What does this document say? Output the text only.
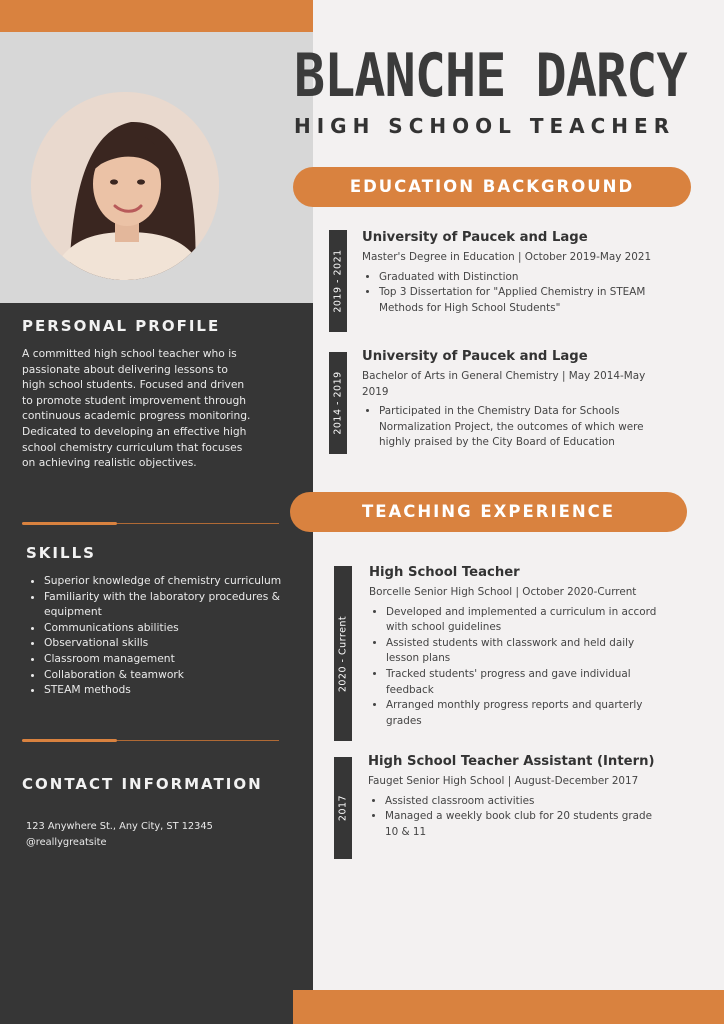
BLANCHE DARCY
HIGH SCHOOL TEACHER
PERSONAL PROFILE
A committed high school teacher who is passionate about delivering lessons to high school students. Focused and driven to promote student improvement through continuous academic progress monitoring. Dedicated to developing an effective high school chemistry curriculum that focuses on achieving realistic objectives.
SKILLS
• Superior knowledge of chemistry curriculum
• Familiarity with the laboratory procedures & equipment
• Communications abilities
• Observational skills
• Classroom management
• Collaboration & teamwork
• STEAM methods
CONTACT INFORMATION
123 Anywhere St., Any City, ST 12345
@reallygreatsite
EDUCATION BACKGROUND
2019 - 2021
University of Paucek and Lage
Master's Degree in Education | October 2019-May 2021
• Graduated with Distinction
• Top 3 Dissertation for "Applied Chemistry in STEAM Methods for High School Students"
2014 - 2019
University of Paucek and Lage
Bachelor of Arts in General Chemistry | May 2014-May 2019
• Participated in the Chemistry Data for Schools Normalization Project, the outcomes of which were highly praised by the City Board of Education
TEACHING EXPERIENCE
2020 - Current
High School Teacher
Borcelle Senior High School | October 2020-Current
• Developed and implemented a curriculum in accord with school guidelines
• Assisted students with classwork and held daily lesson plans
• Tracked students' progress and gave individual feedback
• Arranged monthly progress reports and quarterly grades
2017
High School Teacher Assistant (Intern)
Fauget Senior High School | August-December 2017
• Assisted classroom activities
• Managed a weekly book club for 20 students grade 10 & 11
